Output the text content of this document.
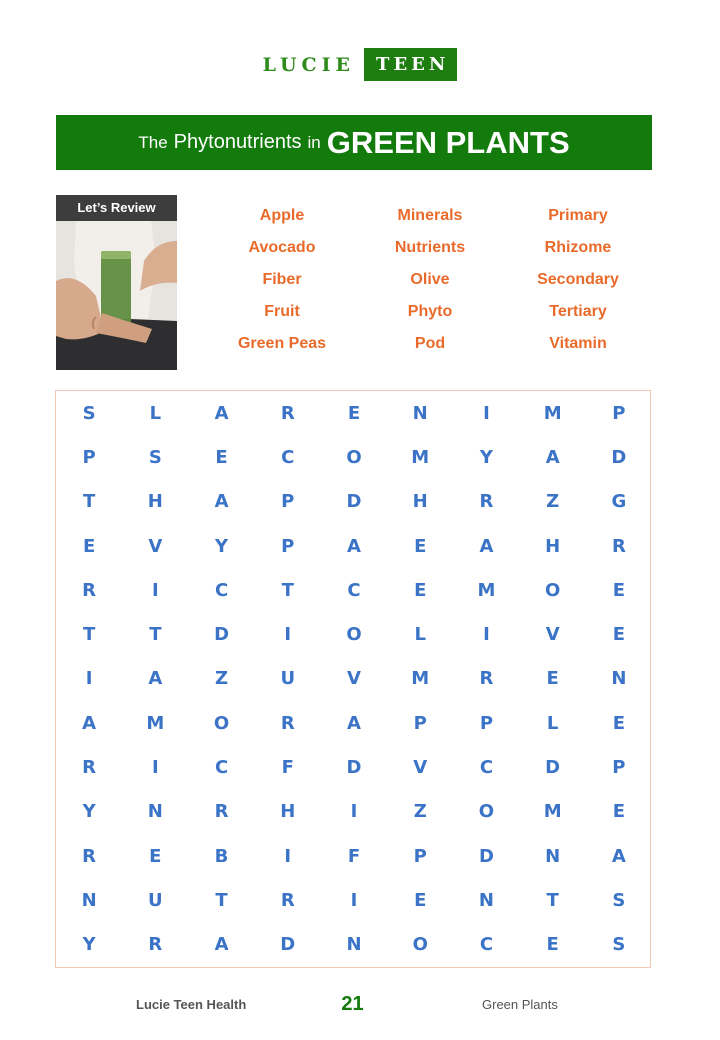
LUCIE	TEEN
The Phytonutrients in GREEN PLANTS
Let’s Review	Apple	Minerals	Primary
Avocado	Nutrients	Rhizome
Fiber	Olive	Secondary
Fruit	Phyto	Tertiary
Green Peas	Pod	Vitamin
S	L	A	R	E	N	I	M	P
P	S	E	C	O	M	Y	A	D
T	H	A	P	D	H	R	Z	G
E	V	Y	P	A	E	A	H	R
R	I	C	T	C	E	M	O	E
T	T	D	I	O	L	I	V	E
I	A	Z	U	V	M	R	E	N
A	M	O	R	A	P	P	L	E
R	I	C	F	D	V	C	D	P
Y	N	R	H	I	Z	O	M	E
R	E	B	I	F	P	D	N	A
N	U	T	R	I	E	N	T	S
Y	R	A	D	N	O	C	E	S
Lucie Teen Health	21	Green Plants
